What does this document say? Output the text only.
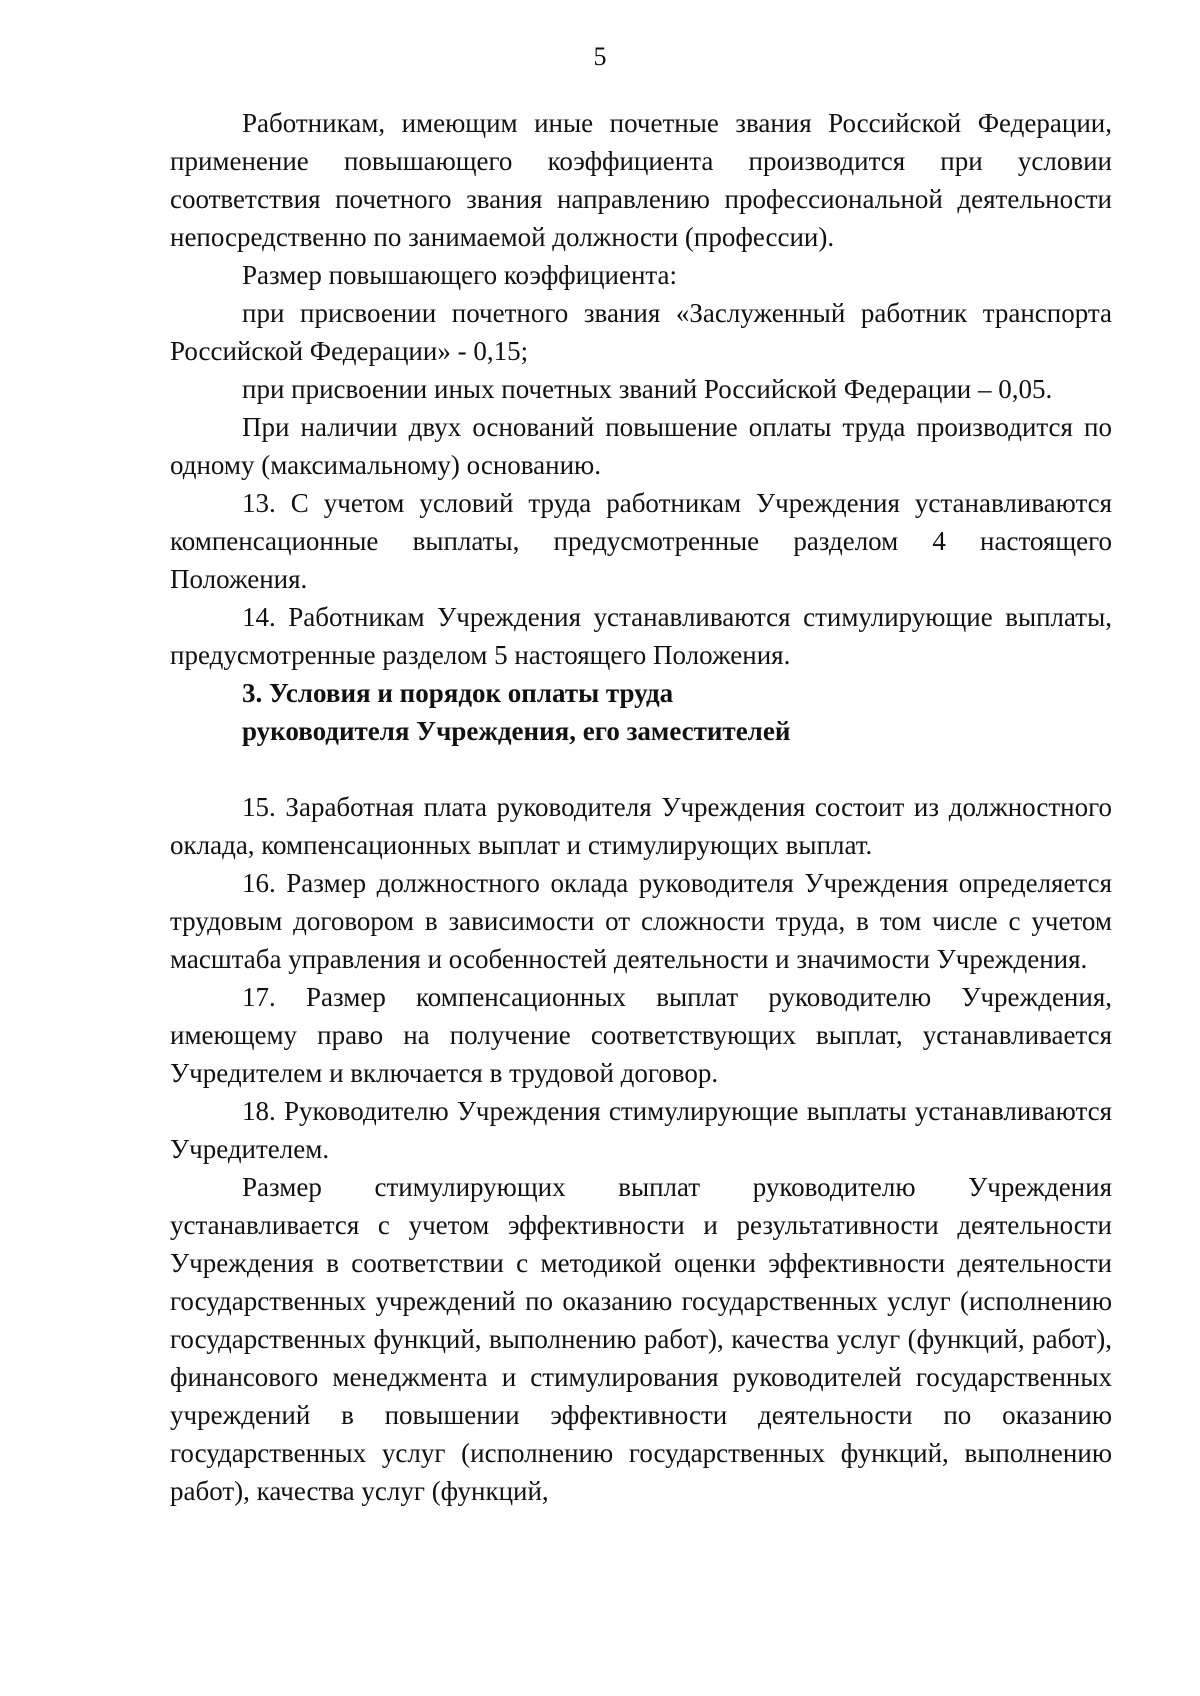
5

Работникам, имеющим иные почетные звания Российской Федерации, применение повышающего коэффициента производится при условии соответствия почетного звания направлению профессиональной деятельности непосредственно по занимаемой должности (профессии).

Размер повышающего коэффициента:

при присвоении почетного звания «Заслуженный работник транспорта Российской Федерации» - 0,15;

при присвоении иных почетных званий Российской Федерации – 0,05.

При наличии двух оснований повышение оплаты труда производится по одному (максимальному) основанию.

13. С учетом условий труда работникам Учреждения устанавливаются компенсационные выплаты, предусмотренные разделом 4 настоящего Положения.

14. Работникам Учреждения устанавливаются стимулирующие выплаты, предусмотренные разделом 5 настоящего Положения.

3. Условия и порядок оплаты труда

руководителя Учреждения, его заместителей

15. Заработная плата руководителя Учреждения состоит из должностного оклада, компенсационных выплат и стимулирующих выплат.

16. Размер должностного оклада руководителя Учреждения определяется трудовым договором в зависимости от сложности труда, в том числе с учетом масштаба управления и особенностей деятельности и значимости Учреждения.

17. Размер компенсационных выплат руководителю Учреждения, имеющему право на получение соответствующих выплат, устанавливается Учредителем и включается в трудовой договор.

18. Руководителю Учреждения стимулирующие выплаты устанавливаются Учредителем.

Размер стимулирующих выплат руководителю Учреждения устанавливается с учетом эффективности и результативности деятельности Учреждения в соответствии с методикой оценки эффективности деятельности государственных учреждений по оказанию государственных услуг (исполнению государственных функций, выполнению работ), качества услуг (функций, работ), финансового менеджмента и стимулирования руководителей государственных учреждений в повышении эффективности деятельности по оказанию государственных услуг (исполнению государственных функций, выполнению работ), качества услуг (функций,
